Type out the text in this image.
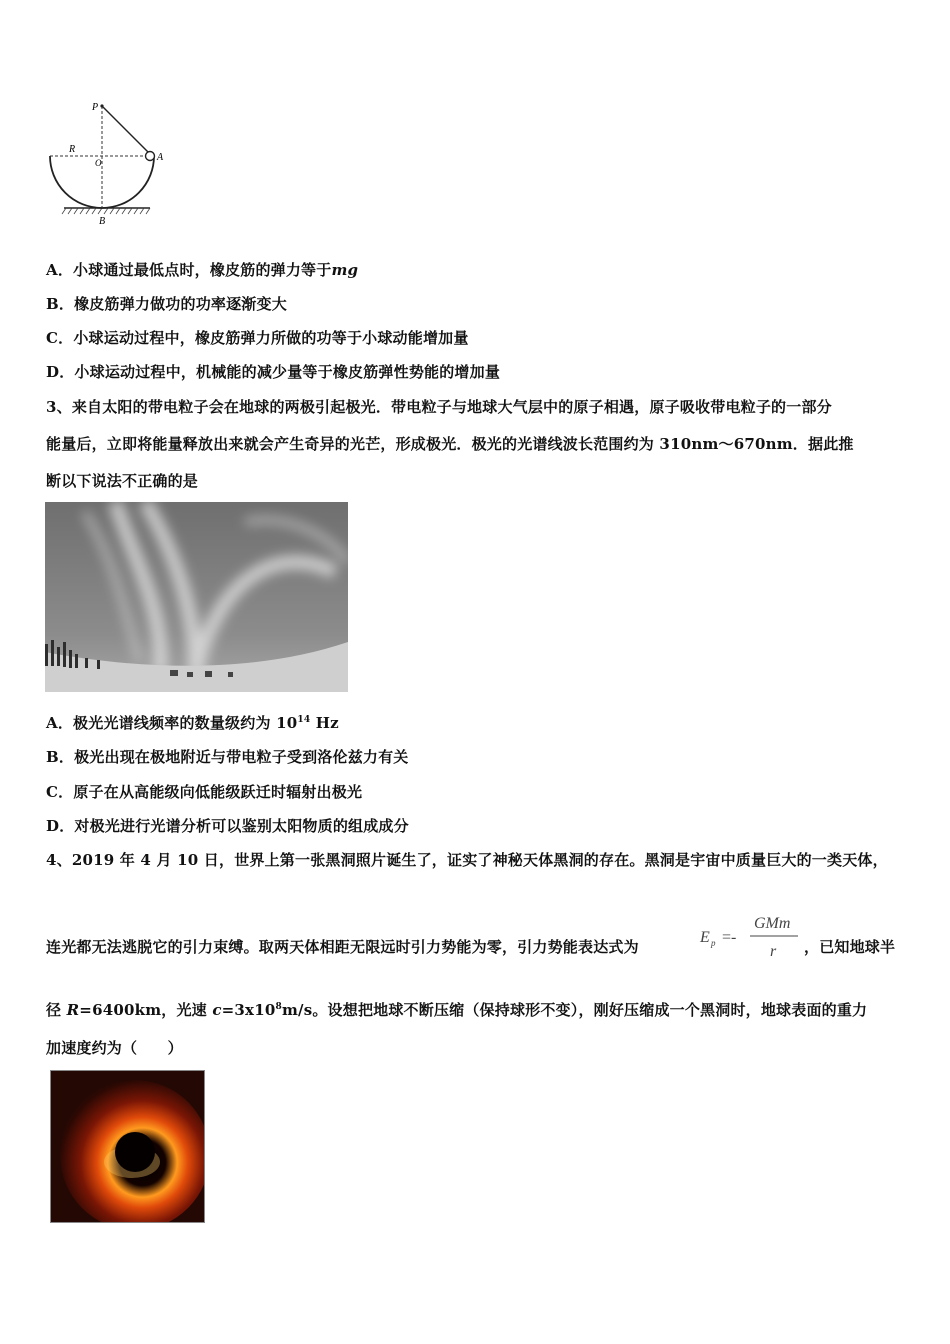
P
R
O	A
B
A．小球通过最低点时，橡皮筋的弹力等于mg
B．橡皮筋弹力做功的功率逐渐变大
C．小球运动过程中，橡皮筋弹力所做的功等于小球动能增加量
D．小球运动过程中，机械能的减少量等于橡皮筋弹性势能的增加量
3、来自太阳的带电粒子会在地球的两极引起极光．带电粒子与地球大气层中的原子相遇，原子吸收带电粒子的一部分
能量后，立即将能量释放出来就会产生奇异的光芒，形成极光．极光的光谱线波长范围约为 310nm～670nm．据此推
断以下说法不正确的是
A．极光光谱线频率的数量级约为 $10^{14}$ Hz
B．极光出现在极地附近与带电粒子受到洛伦兹力有关
C．原子在从高能级向低能级跃迁时辐射出极光
D．对极光进行光谱分析可以鉴别太阳物质的组成成分
4、2019 年 4 月 10 日，世界上第一张黑洞照片诞生了，证实了神秘天体黑洞的存在。黑洞是宇宙中质量巨大的一类天体，
连光都无法逃脱它的引力束缚。取两天体相距无限远时引力势能为零，引力势能表达式为
E p =-
GMm
r ，已知地球半
径 R=6400km，光速 $c=3x10^8m/s$。设想把地球不断压缩（保持球形不变），刚好压缩成一个黑洞时，地球表面的重力
加速度约为（　　）
